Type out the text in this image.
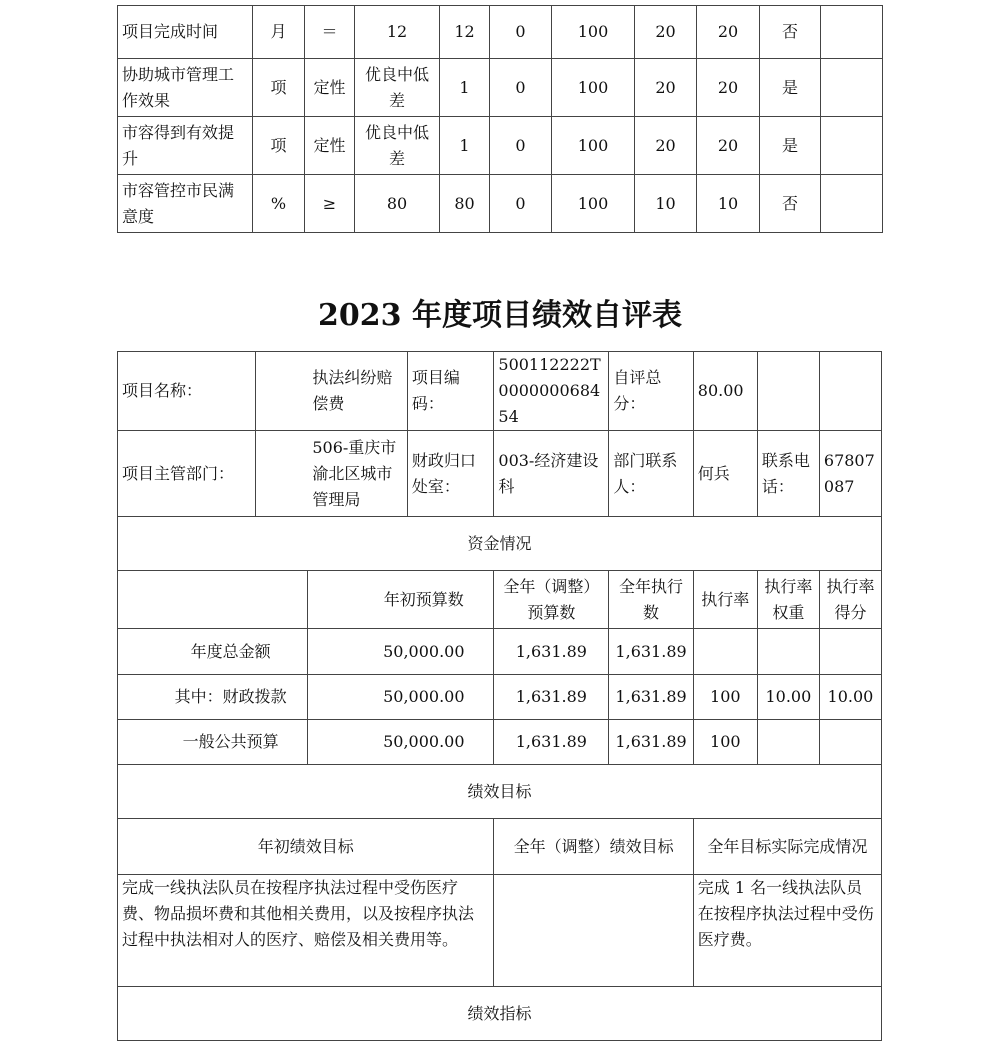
项目完成时间	月	＝	12	12	0	100	20	20	否	
协助城市管理工作效果	项	定性	优良中低差	1	0	100	20	20	是	
市容得到有效提升	项	定性	优良中低差	1	0	100	20	20	是	
市容管控市民满意度	%	≥	80	80	0	100	10	10	否	
2023 年度项目绩效自评表
项目名称：	执法纠纷赔偿费		项目编码：	500112222T000000068454	自评总分：	80.00		
项目主管部门：	506-重庆市渝北区城市管理局		财政归口处室：	003-经济建设科	部门联系人：	何兵	联系电话：	67807087
资金情况								
		年初预算数		全年（调整）预算数	全年执行数	执行率	执行率权重	执行率得分
年度总金额		50,000.00		1,631.89	1,631.89			
其中：财政拨款		50,000.00		1,631.89	1,631.89	100	10.00	10.00
一般公共预算		50,000.00		1,631.89	1,631.89	100		
绩效目标								
年初绩效目标				全年（调整）绩效目标		全年目标实际完成情况		
完成一线执法队员在按程序执法过程中受伤医疗费、物品损坏费和其他相关费用，以及按程序执法过程中执法相对人的医疗、赔偿及相关费用等。						完成 1 名一线执法队员在按程序执法过程中受伤医疗费。		
绩效指标								
